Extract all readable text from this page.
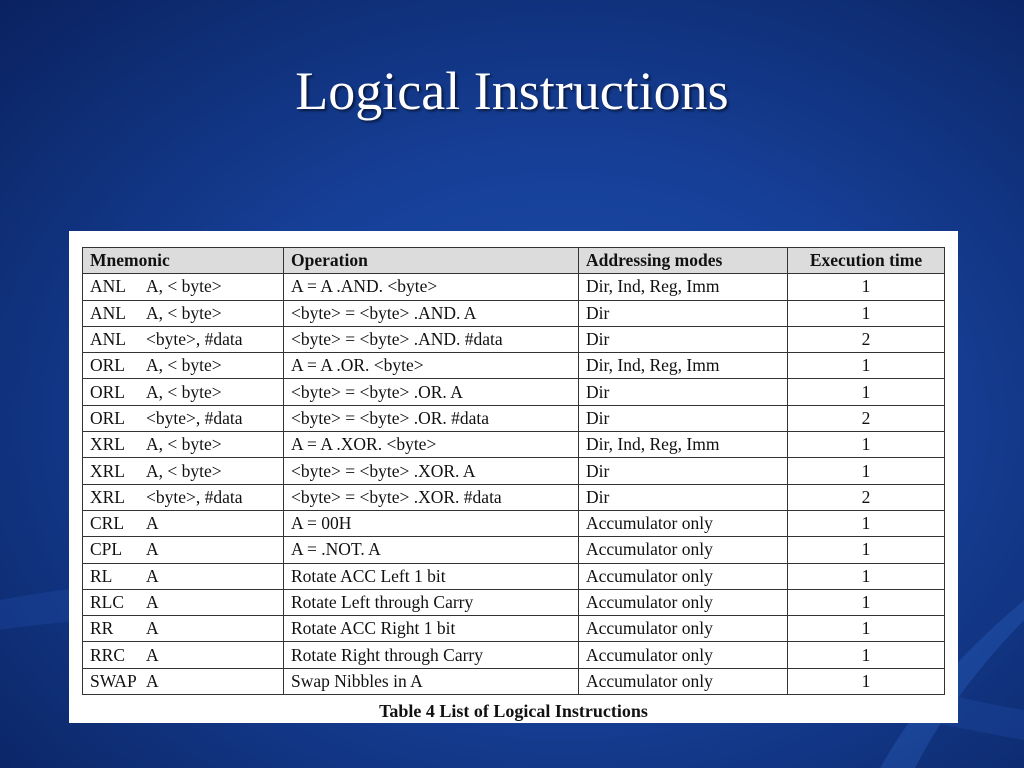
Logical Instructions
Mnemonic	Operation	Addressing modes	Execution time
ANL A, < byte>	A = A .AND. <byte>	Dir, Ind, Reg, Imm	1
ANL A, < byte>	<byte> = <byte> .AND. A	Dir	1
ANL <byte>, #data	<byte> = <byte> .AND. #data	Dir	2
ORL A, < byte>	A = A .OR. <byte>	Dir, Ind, Reg, Imm	1
ORL A, < byte>	<byte> = <byte> .OR. A	Dir	1
ORL <byte>, #data	<byte> = <byte> .OR. #data	Dir	2
XRL A, < byte>	A = A .XOR. <byte>	Dir, Ind, Reg, Imm	1
XRL A, < byte>	<byte> = <byte> .XOR. A	Dir	1
XRL <byte>, #data	<byte> = <byte> .XOR. #data	Dir	2
CRL A	A = 00H	Accumulator only	1
CPL A	A = .NOT. A	Accumulator only	1
RL A	Rotate ACC Left 1 bit	Accumulator only	1
RLC A	Rotate Left through Carry	Accumulator only	1
RR A	Rotate ACC Right 1 bit	Accumulator only	1
RRC A	Rotate Right through Carry	Accumulator only	1
SWAP A	Swap Nibbles in A	Accumulator only	1
Table 4 List of Logical Instructions
